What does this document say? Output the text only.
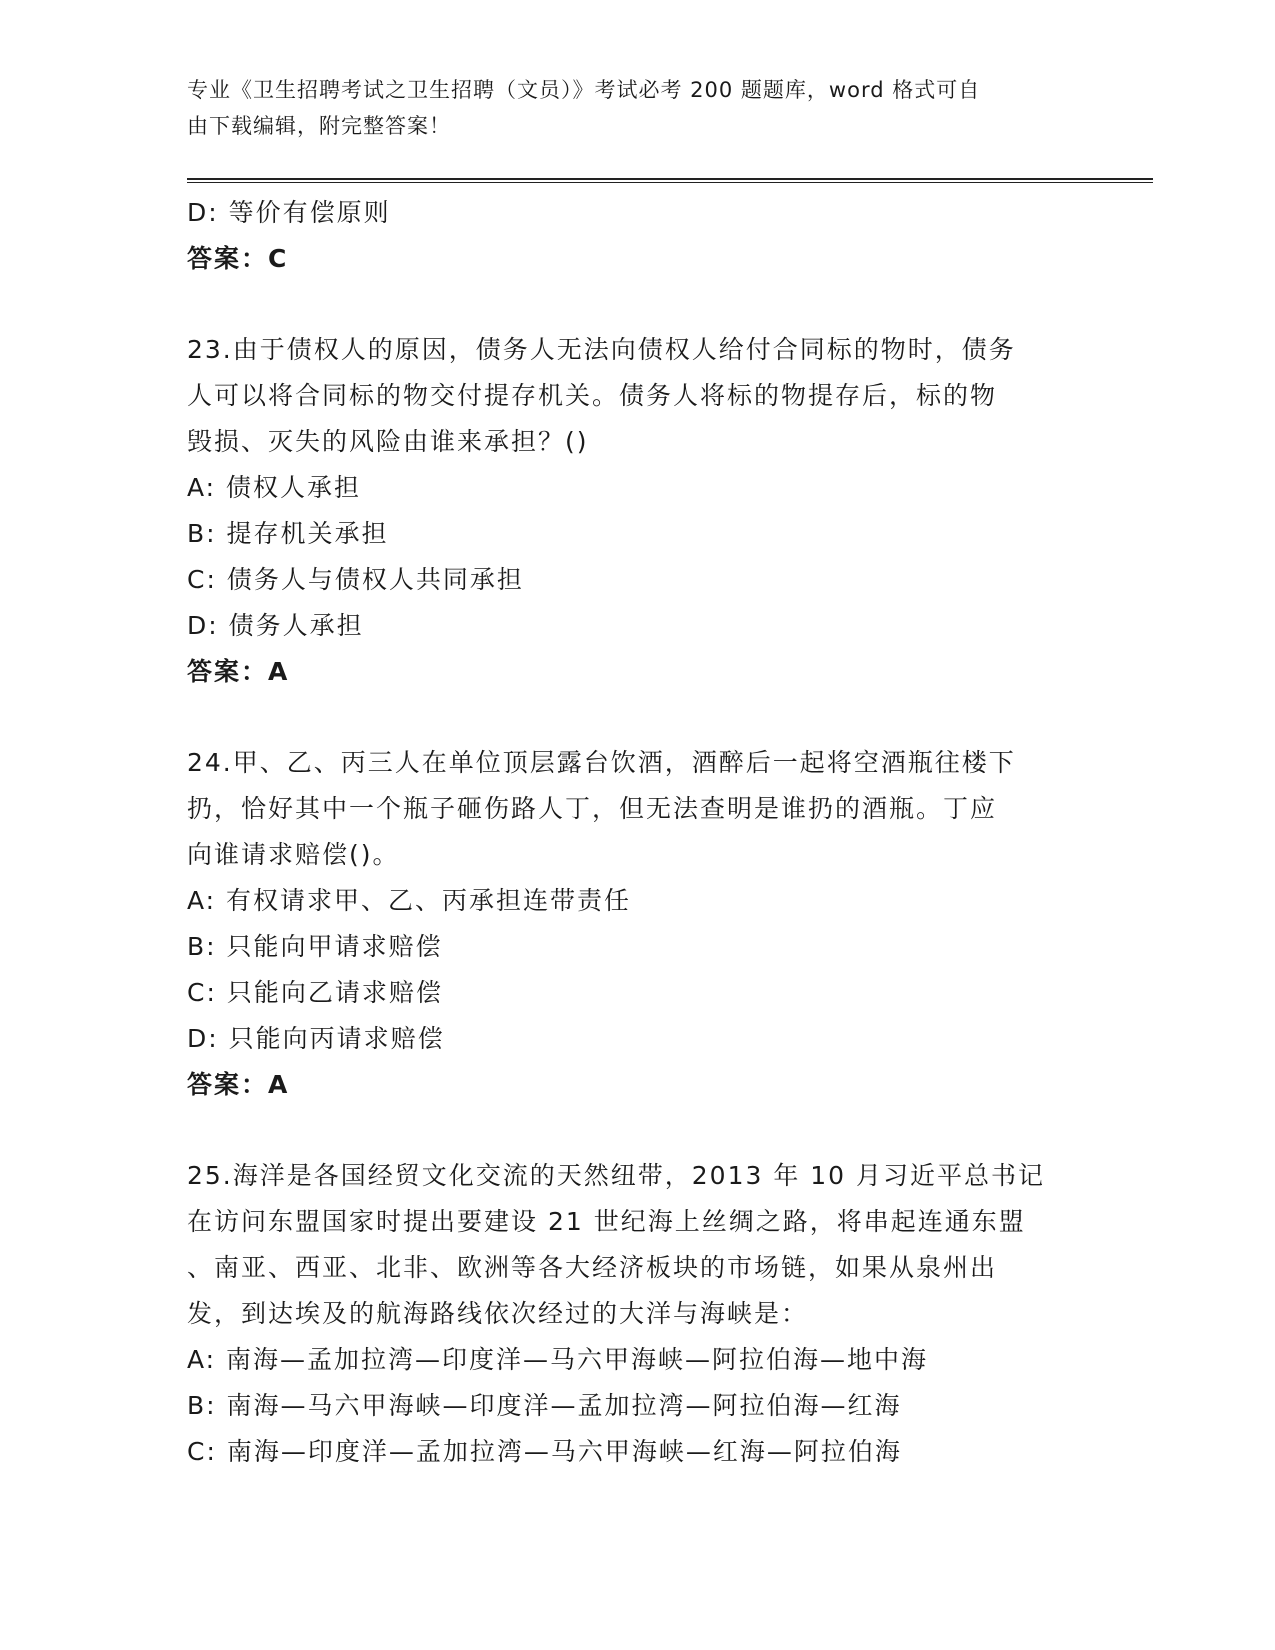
专业《卫生招聘考试之卫生招聘（文员）》考试必考 200 题题库，word 格式可自
由下载编辑，附完整答案！
D: 等价有偿原则
答案：C
23.由于债权人的原因，债务人无法向债权人给付合同标的物时，债务
人可以将合同标的物交付提存机关。债务人将标的物提存后，标的物
毁损、灭失的风险由谁来承担？()
A: 债权人承担
B: 提存机关承担
C: 债务人与债权人共同承担
D: 债务人承担
答案：A
24.甲、乙、丙三人在单位顶层露台饮酒，酒醉后一起将空酒瓶往楼下
扔，恰好其中一个瓶子砸伤路人丁，但无法查明是谁扔的酒瓶。丁应
向谁请求赔偿()。
A: 有权请求甲、乙、丙承担连带责任
B: 只能向甲请求赔偿
C: 只能向乙请求赔偿
D: 只能向丙请求赔偿
答案：A
25.海洋是各国经贸文化交流的天然纽带，2013 年 10 月习近平总书记
在访问东盟国家时提出要建设 21 世纪海上丝绸之路，将串起连通东盟
、南亚、西亚、北非、欧洲等各大经济板块的市场链，如果从泉州出
发，到达埃及的航海路线依次经过的大洋与海峡是：
A: 南海—孟加拉湾—印度洋—马六甲海峡—阿拉伯海—地中海
B: 南海—马六甲海峡—印度洋—孟加拉湾—阿拉伯海—红海
C: 南海—印度洋—孟加拉湾—马六甲海峡—红海—阿拉伯海
